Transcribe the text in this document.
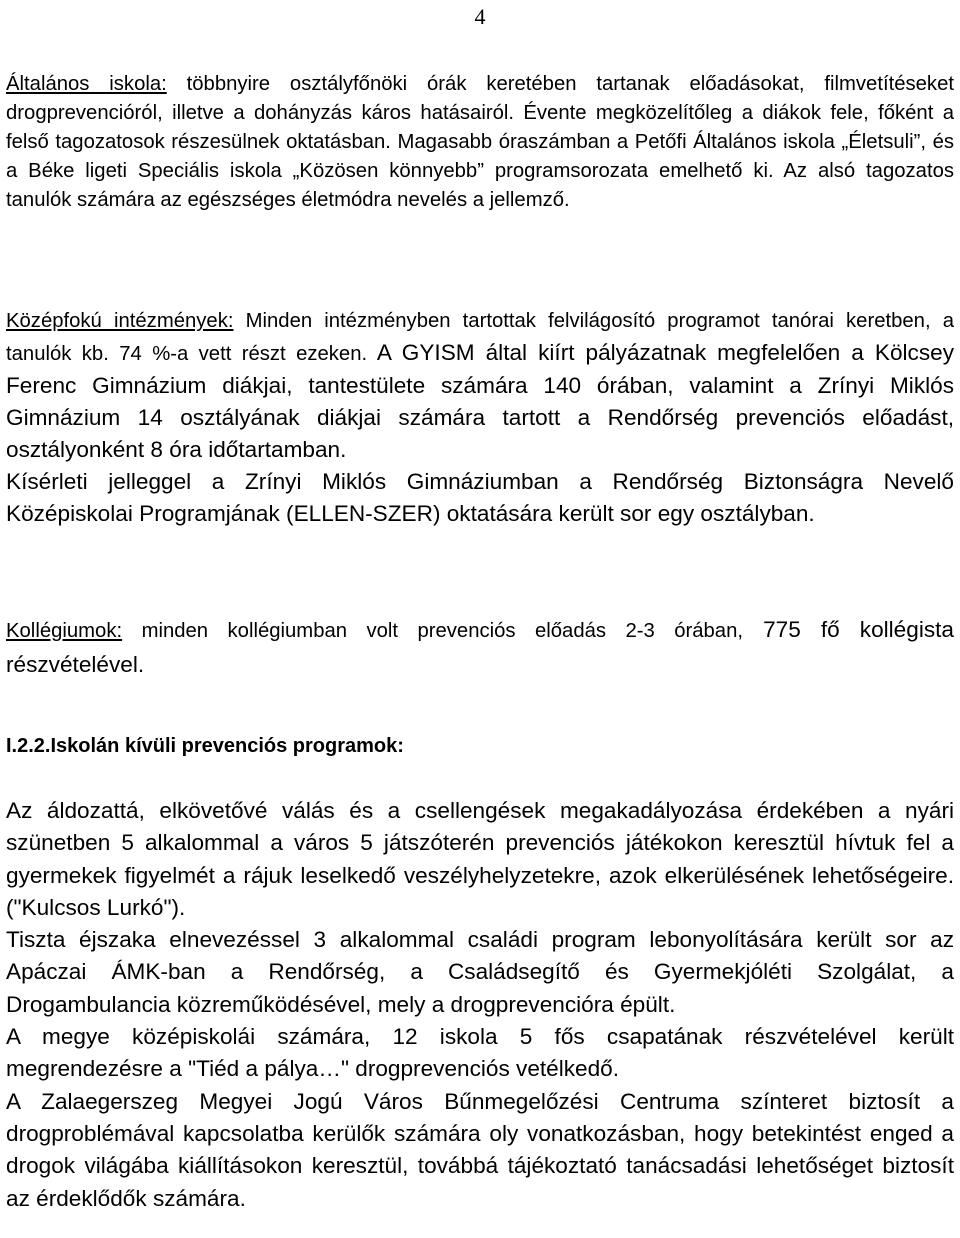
4

Általános iskola: többnyire osztályfőnöki órák keretében tartanak előadásokat, filmvetítéseket drogprevencióról, illetve a dohányzás káros hatásairól. Évente megközelítőleg a diákok fele, főként a felső tagozatosok részesülnek oktatásban. Magasabb óraszámban a Petőfi Általános iskola „Életsuli”, és a Béke ligeti Speciális iskola „Közösen könnyebb” programsorozata emelhető ki. Az alsó tagozatos tanulók számára az egészséges életmódra nevelés a jellemző.

Középfokú intézmények: Minden intézményben tartottak felvilágosító programot tanórai keretben, a tanulók kb. 74 %-a vett részt ezeken. A GYISM által kiírt pályázatnak megfelelően a Kölcsey Ferenc Gimnázium diákjai, tantestülete számára 140 órában, valamint a Zrínyi Miklós Gimnázium 14 osztályának diákjai számára tartott a Rendőrség prevenciós előadást, osztályonként 8 óra időtartamban.

Kísérleti jelleggel a Zrínyi Miklós Gimnáziumban a Rendőrség Biztonságra Nevelő Középiskolai Programjának (ELLEN-SZER) oktatására került sor egy osztályban.

Kollégiumok: minden kollégiumban volt prevenciós előadás 2-3 órában, 775 fő kollégista részvételével.

I.2.2.Iskolán kívüli prevenciós programok:

Az áldozattá, elkövetővé válás és a csellengések megakadályozása érdekében a nyári szünetben 5 alkalommal a város 5 játszóterén prevenciós játékokon keresztül hívtuk fel a gyermekek figyelmét a rájuk leselkedő veszélyhelyzetekre, azok elkerülésének lehetőségeire. ("Kulcsos Lurkó").

Tiszta éjszaka elnevezéssel 3 alkalommal családi program lebonyolítására került sor az Apáczai ÁMK-ban a Rendőrség, a Családsegítő és Gyermekjóléti Szolgálat, a Drogambulancia közreműködésével, mely a drogprevencióra épült.

A megye középiskolái számára, 12 iskola 5 fős csapatának részvételével került megrendezésre a "Tiéd a pálya…" drogprevenciós vetélkedő.

A Zalaegerszeg Megyei Jogú Város Bűnmegelőzési Centruma színteret biztosít a drogproblémával kapcsolatba kerülők számára oly vonatkozásban, hogy betekintést enged a drogok világába kiállításokon keresztül, továbbá tájékoztató tanácsadási lehetőséget biztosít az érdeklődők számára.
